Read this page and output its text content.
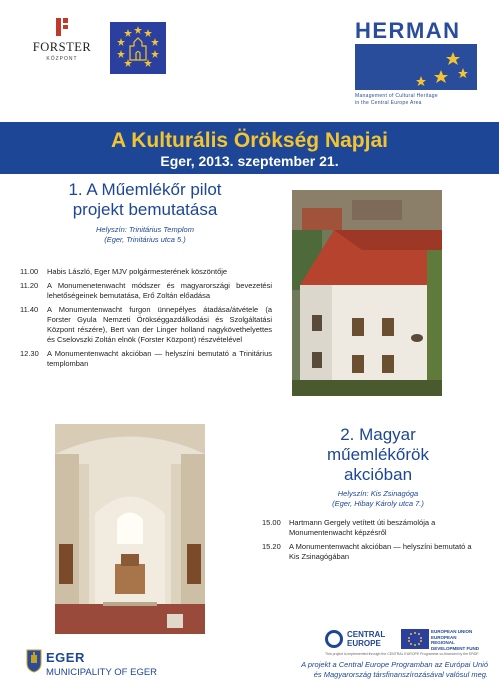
FORSTER
KÖZPONT
HERMAN
Management of Cultural Heritage
in the Central Europe Area
A Kulturális Örökség Napjai
Eger, 2013. szeptember 21.
1. A Műemlékőr pilot
projekt bemutatása
Helyszín: Trinitárius Templom
(Eger, Trinitárius utca 5.)
11.00	Habis László, Eger MJV polgármesterének köszöntője
11.20	A Monumenetenwacht módszer és magyarországi bevezetési lehetőségeinek bemutatása, Erő Zoltán előadása
11.40	A Monumentenwacht furgon ünnepélyes átadása/átvétele (a Forster Gyula Nemzeti Örökséggazdálkodási és Szolgáltatási Központ részére), Bert van der Linger holland nagykövethelyettes és Cselovszki Zoltán elnök (Forster Központ) részvételével
12.30	A Monumentenwacht akcióban — helyszíni bemutató a Trinitárius templomban
2. Magyar
műemlékőrök
akcióban
Helyszín: Kis Zsinagóga
(Eger, Hibay Károly utca 7.)
15.00	Hartmann Gergely vetített úti beszámolója a Monumentenwacht képzésről
15.20	A Monumentenwacht akcióban — helyszíni bemutató a Kis Zsinagógában
EGER
MUNICIPALITY OF EGER
CENTRAL
EUROPE
EUROPEAN UNION
EUROPEAN REGIONAL
DEVELOPMENT FUND
This project is implemented through the CENTRAL EUROPE Programme co-financed by the ERDF.
A projekt a Central Europe Programban az Európai Unió
és Magyarország társfinanszírozásával valósul meg.
